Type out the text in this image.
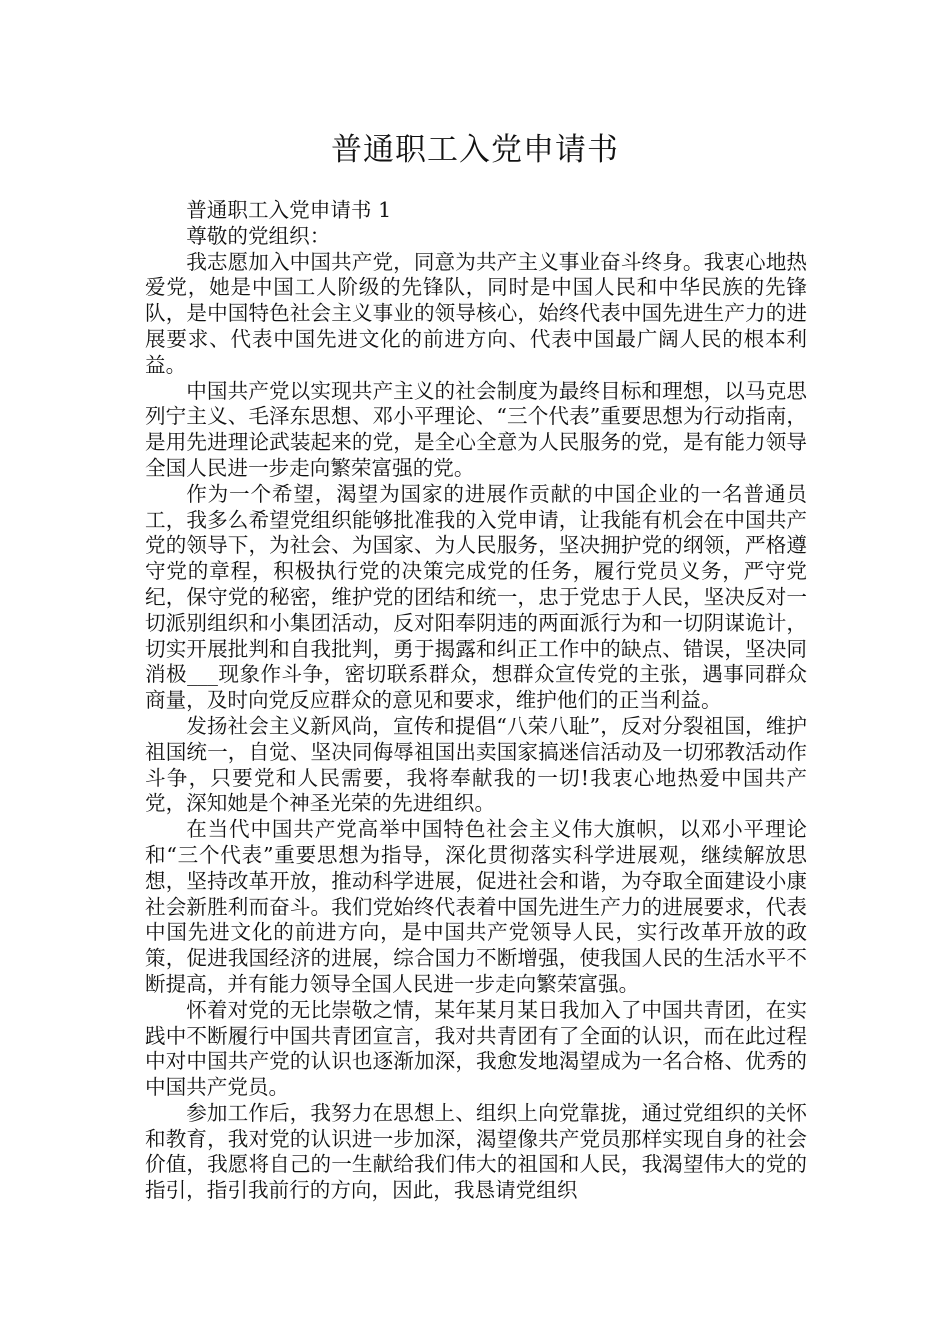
普通职工入党申请书

普通职工入党申请书 1

尊敬的党组织：

我志愿加入中国共产党，同意为共产主义事业奋斗终身。我衷心地热爱党，她是中国工人阶级的先锋队，同时是中国人民和中华民族的先锋队，是中国特色社会主义事业的领导核心，始终代表中国先进生产力的进展要求、代表中国先进文化的前进方向、代表中国最广阔人民的根本利益。

中国共产党以实现共产主义的社会制度为最终目标和理想，以马克思列宁主义、毛泽东思想、邓小平理论、“三个代表”重要思想为行动指南，是用先进理论武装起来的党，是全心全意为人民服务的党，是有能力领导全国人民进一步走向繁荣富强的党。

作为一个希望，渴望为国家的进展作贡献的中国企业的一名普通员工，我多么希望党组织能够批准我的入党申请，让我能有机会在中国共产党的领导下，为社会、为国家、为人民服务，坚决拥护党的纲领，严格遵守党的章程，积极执行党的决策完成党的任务，履行党员义务，严守党纪，保守党的秘密，维护党的团结和统一，忠于党忠于人民，坚决反对一切派别组织和小集团活动，反对阳奉阴违的两面派行为和一切阴谋诡计，切实开展批判和自我批判，勇于揭露和纠正工作中的缺点、错误，坚决同消极___现象作斗争，密切联系群众，想群众宣传党的主张，遇事同群众商量，及时向党反应群众的意见和要求，维护他们的正当利益。

发扬社会主义新风尚，宣传和提倡“八荣八耻”，反对分裂祖国，维护祖国统一，自觉、坚决同侮辱祖国出卖国家搞迷信活动及一切邪教活动作斗争，只要党和人民需要，我将奉献我的一切!我衷心地热爱中国共产党，深知她是个神圣光荣的先进组织。

在当代中国共产党高举中国特色社会主义伟大旗帜，以邓小平理论和“三个代表”重要思想为指导，深化贯彻落实科学进展观，继续解放思想，坚持改革开放，推动科学进展，促进社会和谐，为夺取全面建设小康社会新胜利而奋斗。我们党始终代表着中国先进生产力的进展要求，代表中国先进文化的前进方向，是中国共产党领导人民，实行改革开放的政策，促进我国经济的进展，综合国力不断增强，使我国人民的生活水平不断提高，并有能力领导全国人民进一步走向繁荣富强。

怀着对党的无比崇敬之情，某年某月某日我加入了中国共青团，在实践中不断履行中国共青团宣言，我对共青团有了全面的认识，而在此过程中对中国共产党的认识也逐渐加深，我愈发地渴望成为一名合格、优秀的中国共产党员。

参加工作后，我努力在思想上、组织上向党靠拢，通过党组织的关怀和教育，我对党的认识进一步加深，渴望像共产党员那样实现自身的社会价值，我愿将自己的一生献给我们伟大的祖国和人民，我渴望伟大的党的指引，指引我前行的方向，因此，我恳请党组织
